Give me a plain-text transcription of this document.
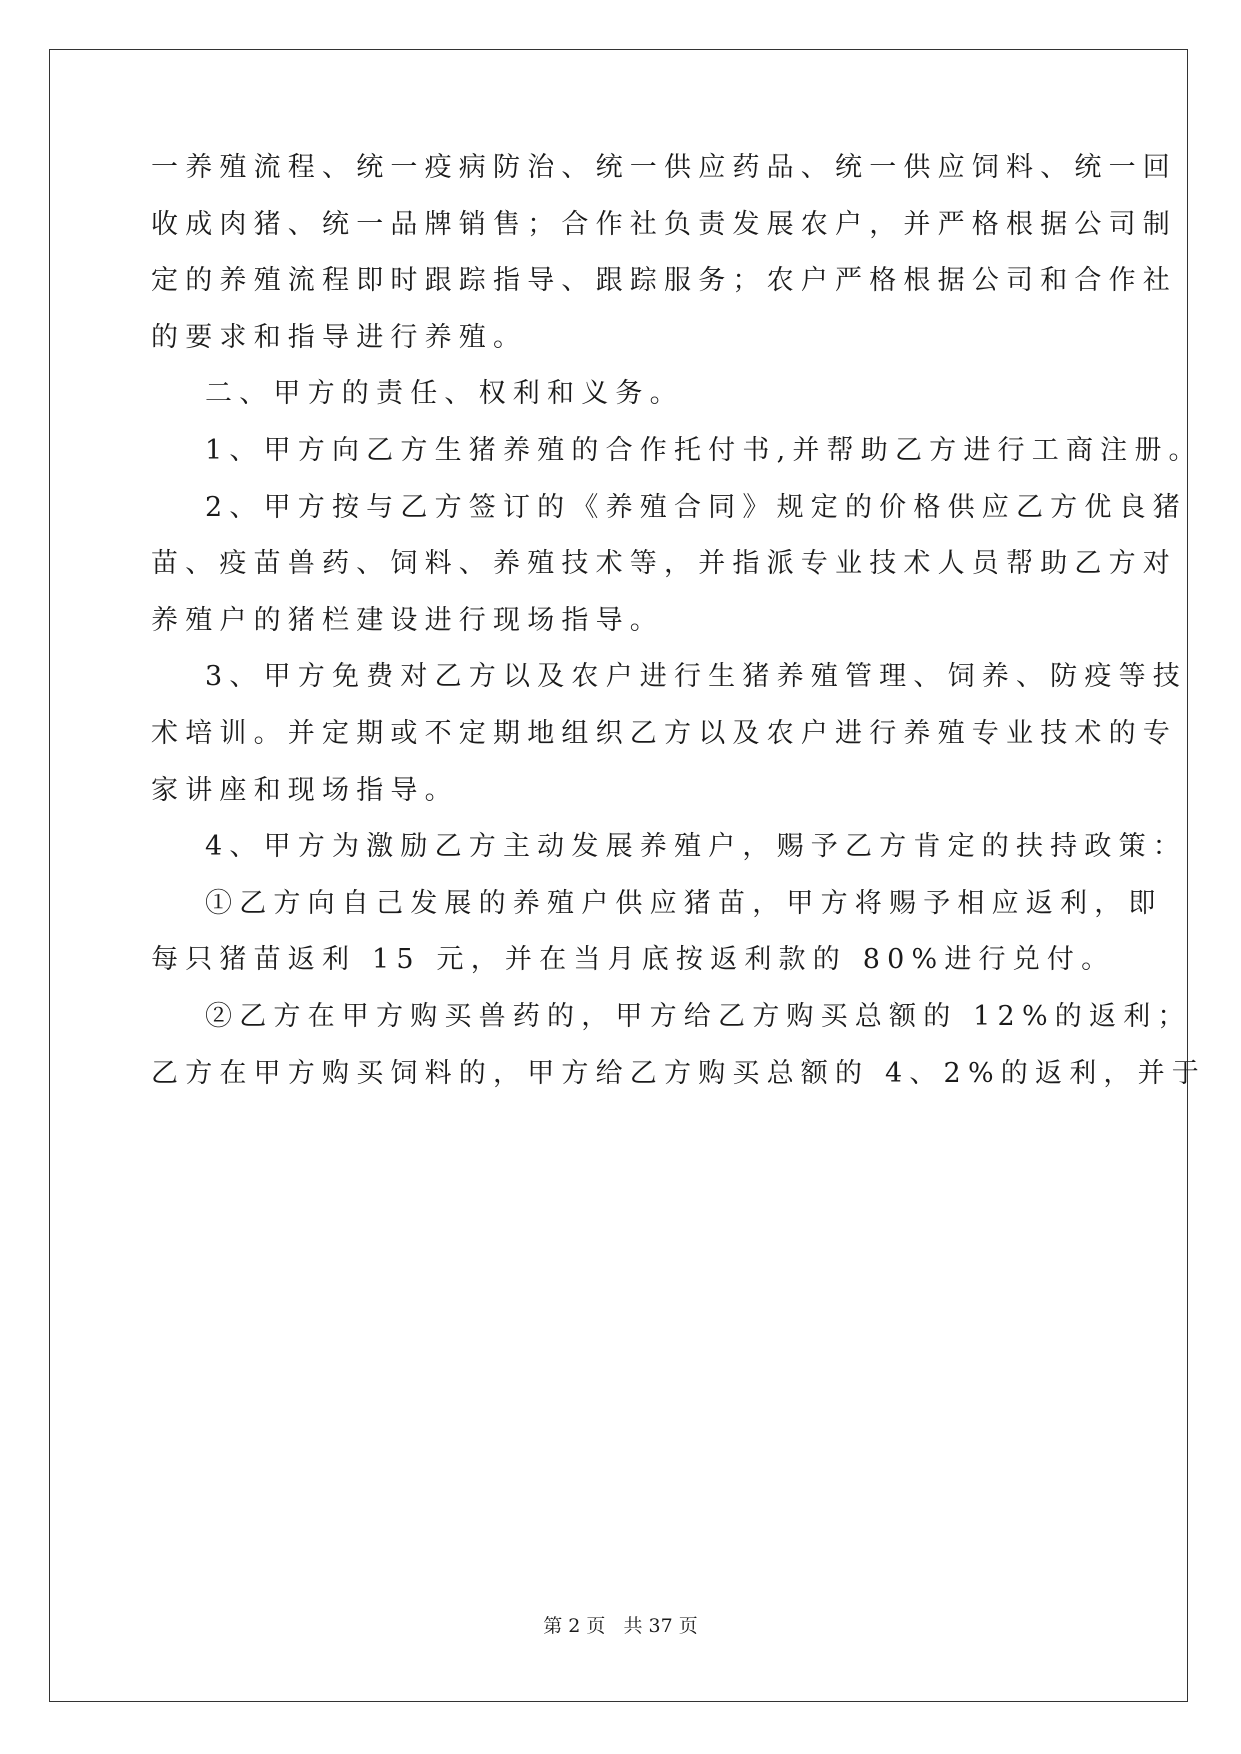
一养殖流程、统一疫病防治、统一供应药品、统一供应饲料、统一回
收成肉猪、统一品牌销售；合作社负责发展农户，并严格根据公司制
定的养殖流程即时跟踪指导、跟踪服务；农户严格根据公司和合作社
的要求和指导进行养殖。
二、甲方的责任、权利和义务。
1、甲方向乙方生猪养殖的合作托付书,并帮助乙方进行工商注册。
2、甲方按与乙方签订的《养殖合同》规定的价格供应乙方优良猪
苗、疫苗兽药、饲料、养殖技术等，并指派专业技术人员帮助乙方对
养殖户的猪栏建设进行现场指导。
3、甲方免费对乙方以及农户进行生猪养殖管理、饲养、防疫等技
术培训。并定期或不定期地组织乙方以及农户进行养殖专业技术的专
家讲座和现场指导。
4、甲方为激励乙方主动发展养殖户，赐予乙方肯定的扶持政策：
①乙方向自己发展的养殖户供应猪苗，甲方将赐予相应返利，即
每只猪苗返利 15 元，并在当月底按返利款的 80%进行兑付。
②乙方在甲方购买兽药的，甲方给乙方购买总额的 12%的返利；
乙方在甲方购买饲料的，甲方给乙方购买总额的 4、2%的返利，并于
第 2 页 共 37 页
